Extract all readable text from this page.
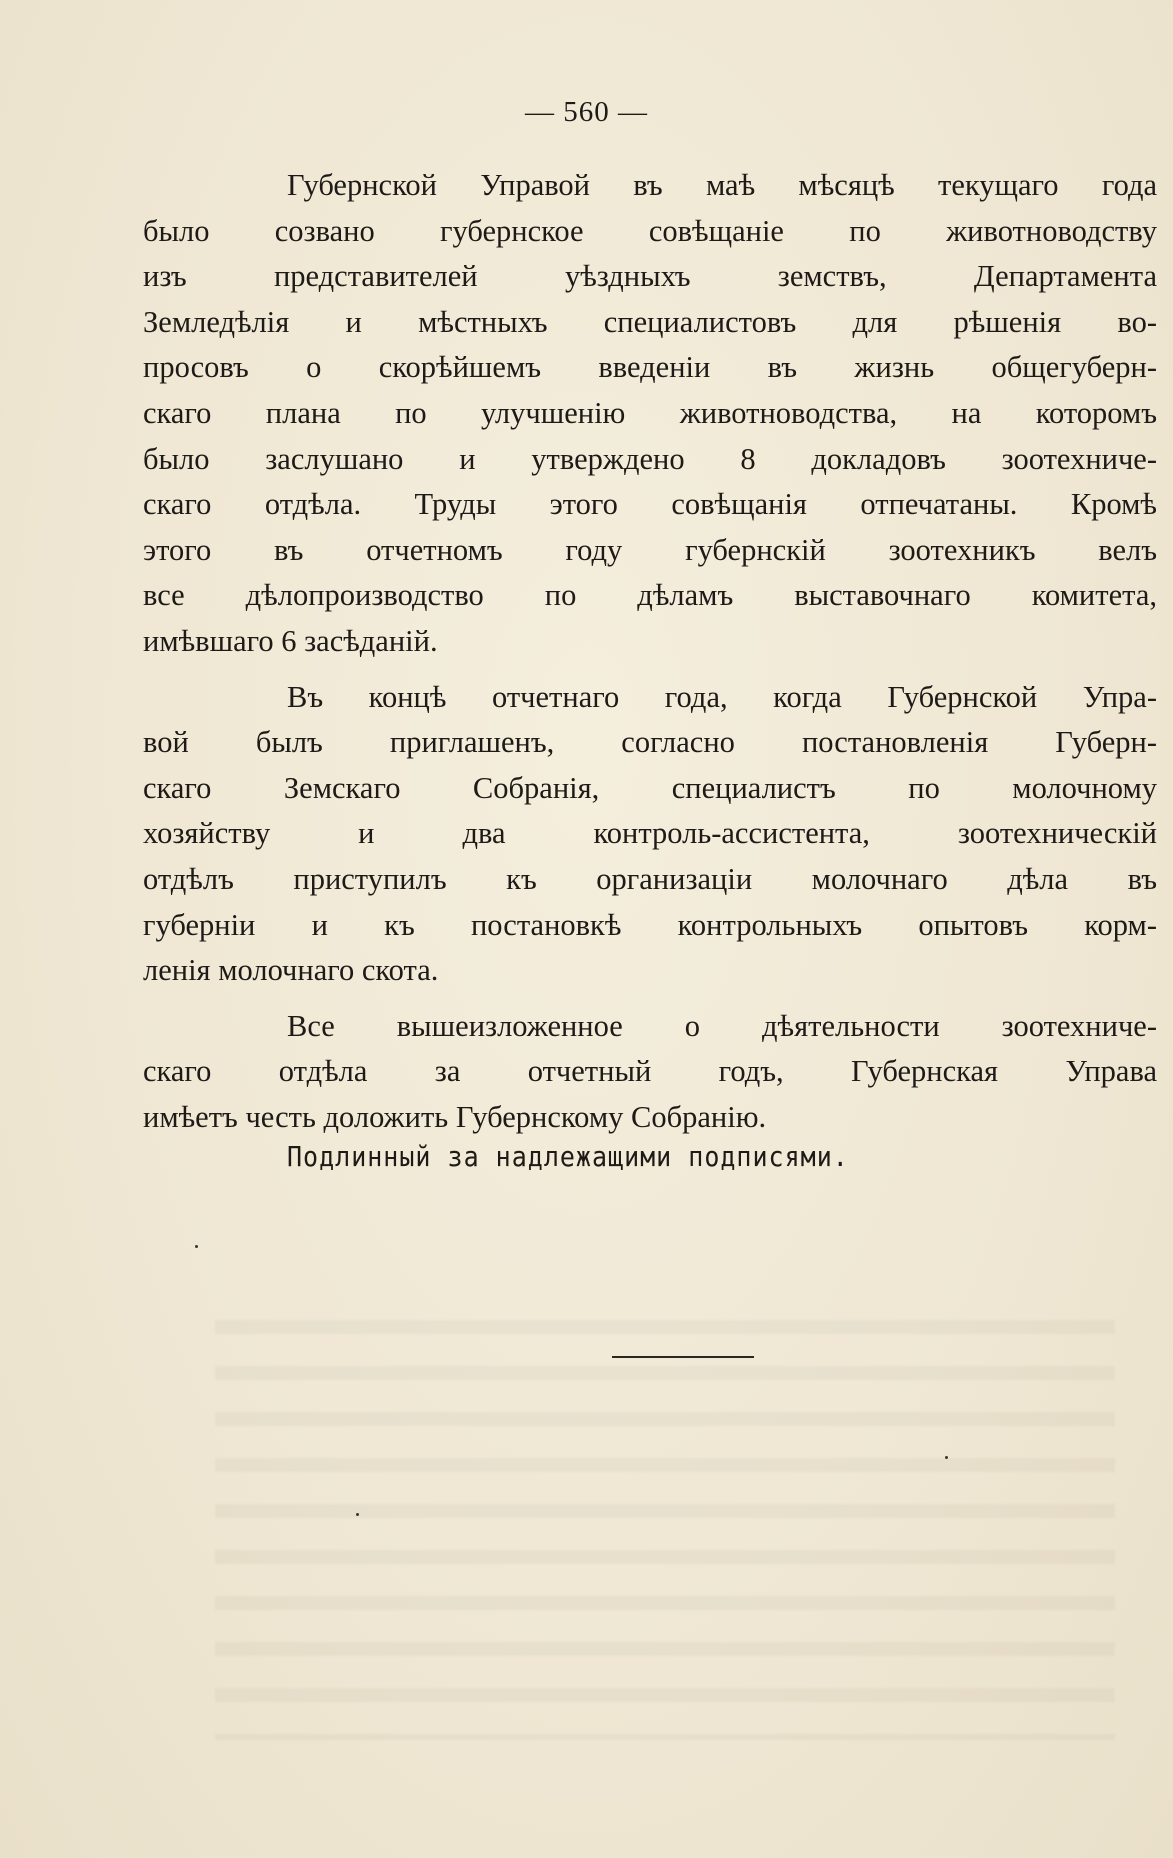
— 560 —

Губернской Управой въ маѣ мѣсяцѣ текущаго года
было созвано губернское совѣщаніе по животноводству
изъ представителей уѣздныхъ земствъ, Департамента
Земледѣлія и мѣстныхъ специалистовъ для рѣшенія во-
просовъ о скорѣйшемъ введеніи въ жизнь общегуберн-
скаго плана по улучшенію животноводства, на которомъ
было заслушано и утверждено 8 докладовъ зоотехниче-
скаго отдѣла. Труды этого совѣщанія отпечатаны. Кромѣ
этого въ отчетномъ году губернскій зоотехникъ велъ
все дѣлопроизводство по дѣламъ выставочнаго комитета,
имѣвшаго 6 засѣданій.

Въ концѣ отчетнаго года, когда Губернской Упра-
вой былъ приглашенъ, согласно постановленія Губерн-
скаго Земскаго Собранія, специалистъ по молочному
хозяйству и два контроль-ассистента, зоотехническій
отдѣлъ приступилъ къ организаціи молочнаго дѣла въ
губерніи и къ постановкѣ контрольныхъ опытовъ корм-
ленія молочнаго скота.

Все вышеизложенное о дѣятельности зоотехниче-
скаго отдѣла за отчетный годъ, Губернская Управа
имѣетъ честь доложить Губернскому Собранію.

Подлинный за надлежащими подписями.
